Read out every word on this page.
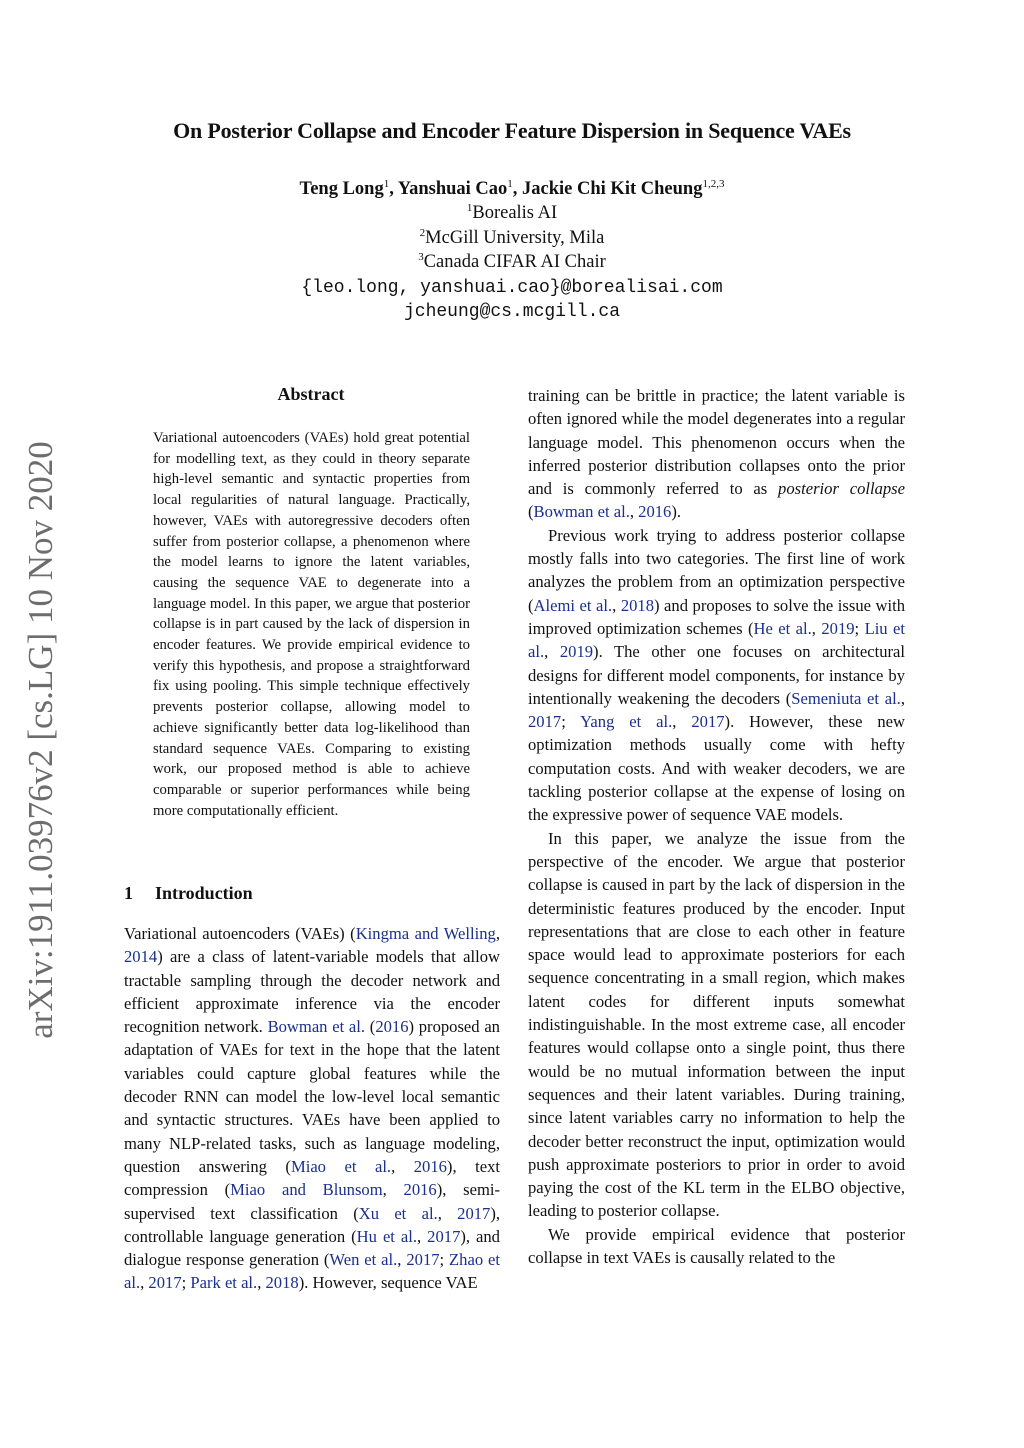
arXiv:1911.03976v2 [cs.LG] 10 Nov 2020
On Posterior Collapse and Encoder Feature Dispersion in Sequence VAEs
Teng Long$^1$, Yanshuai Cao$^1$, Jackie Chi Kit Cheung$^{1,2,3}$
$^1$Borealis AI
$^2$McGill University, Mila
$^3$Canada CIFAR AI Chair
{leo.long, yanshuai.cao}@borealisai.com
jcheung@cs.mcgill.ca
Abstract
Variational autoencoders (VAEs) hold great potential for modelling text, as they could in theory separate high-level semantic and syntactic properties from local regularities of natural language. Practically, however, VAEs with autoregressive decoders often suffer from posterior collapse, a phenomenon where the model learns to ignore the latent variables, causing the sequence VAE to degenerate into a language model. In this paper, we argue that posterior collapse is in part caused by the lack of dispersion in encoder features. We provide empirical evidence to verify this hypothesis, and propose a straightforward fix using pooling. This simple technique effectively prevents posterior collapse, allowing model to achieve significantly better data log-likelihood than standard sequence VAEs. Comparing to existing work, our proposed method is able to achieve comparable or superior performances while being more computationally efficient.
1 Introduction

Variational autoencoders (VAEs) (Kingma and Welling, 2014) are a class of latent-variable models that allow tractable sampling through the decoder network and efficient approximate inference via the encoder recognition network. Bowman et al. (2016) proposed an adaptation of VAEs for text in the hope that the latent variables could capture global features while the decoder RNN can model the low-level local semantic and syntactic structures. VAEs have been applied to many NLP-related tasks, such as language modeling, question answering (Miao et al., 2016), text compression (Miao and Blunsom, 2016), semi-supervised text classification (Xu et al., 2017), controllable language generation (Hu et al., 2017), and dialogue response generation (Wen et al., 2017; Zhao et al., 2017; Park et al., 2018). However, sequence VAE

training can be brittle in practice; the latent variable is often ignored while the model degenerates into a regular language model. This phenomenon occurs when the inferred posterior distribution collapses onto the prior and is commonly referred to as posterior collapse (Bowman et al., 2016).

Previous work trying to address posterior collapse mostly falls into two categories. The first line of work analyzes the problem from an optimization perspective (Alemi et al., 2018) and proposes to solve the issue with improved optimization schemes (He et al., 2019; Liu et al., 2019). The other one focuses on architectural designs for different model components, for instance by intentionally weakening the decoders (Semeniuta et al., 2017; Yang et al., 2017). However, these new optimization methods usually come with hefty computation costs. And with weaker decoders, we are tackling posterior collapse at the expense of losing on the expressive power of sequence VAE models.

In this paper, we analyze the issue from the perspective of the encoder. We argue that posterior collapse is caused in part by the lack of dispersion in the deterministic features produced by the encoder. Input representations that are close to each other in feature space would lead to approximate posteriors for each sequence concentrating in a small region, which makes latent codes for different inputs somewhat indistinguishable. In the most extreme case, all encoder features would collapse onto a single point, thus there would be no mutual information between the input sequences and their latent variables. During training, since latent variables carry no information to help the decoder better reconstruct the input, optimization would push approximate posteriors to prior in order to avoid paying the cost of the KL term in the ELBO objective, leading to posterior collapse.

We provide empirical evidence that posterior collapse in text VAEs is causally related to the
